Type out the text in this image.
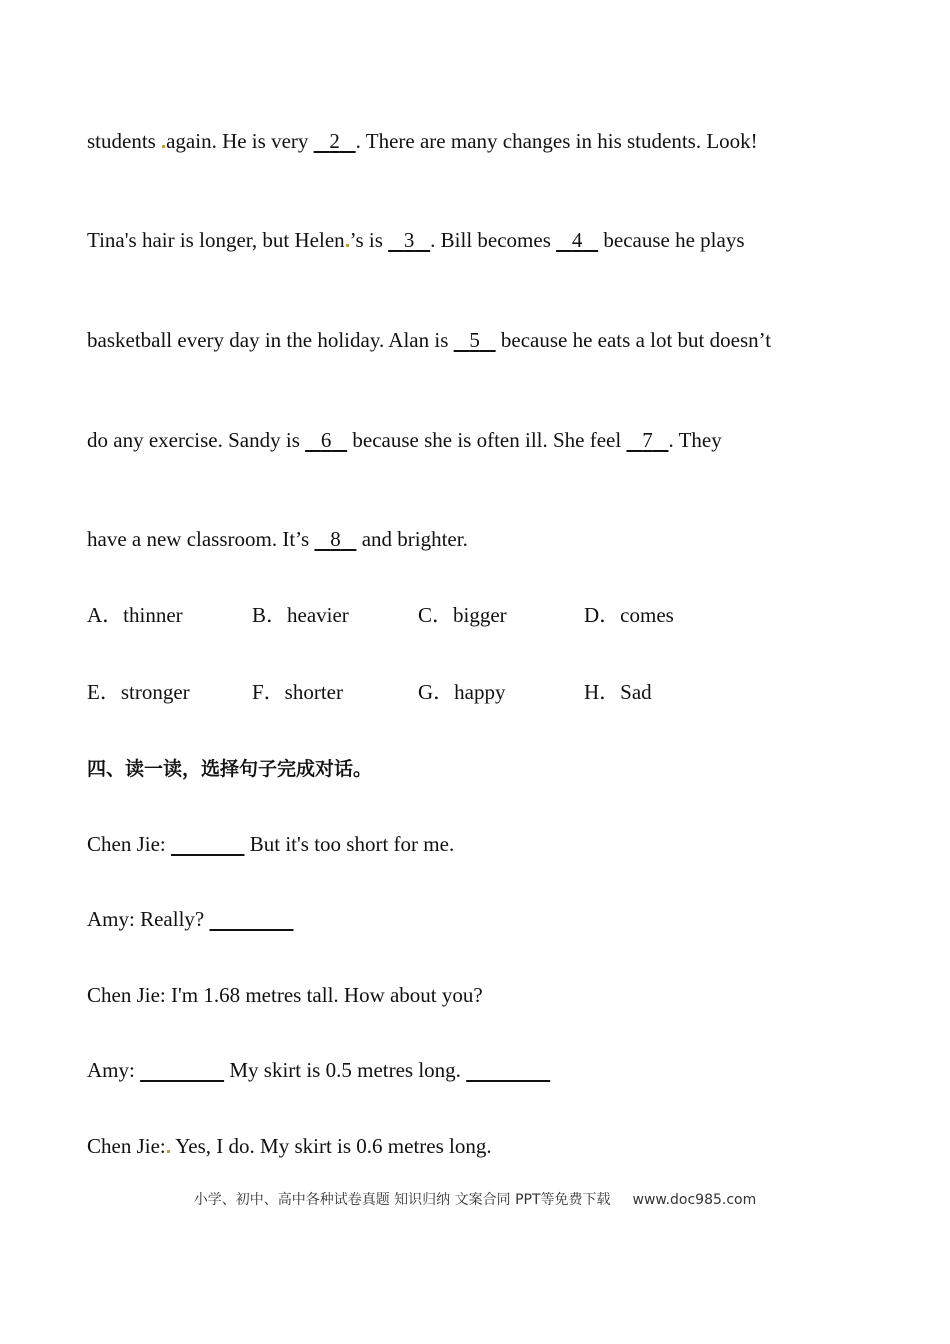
students again. He is very    2 . There are many changes in his students. Look!
Tina's hair is longer, but Helen ’s is    3 . Bill becomes    4    because he plays
basketball every day in the holiday. Alan is    5    because he eats a lot but doesn’t
do any exercise. Sandy is    6    because she is often ill. She feel    7 . They
have a new classroom. It’s    8    and brighter.
A．thinner	B．heavier	C．bigger	D．comes
E．stronger	F．shorter	G．happy	H．Sad
四、读一读，选择句子完成对话。
Chen Jie:	But it's too short for me.
Amy: Really?
Chen Jie: I'm 1.68 metres tall. How about you?
Amy:	My skirt is 0.5 metres long.
Chen Jie: Yes, I do. My skirt is 0.6 metres long.
小学、初中、高中各种试卷真题 知识归纳 文案合同 PPT等免费下载 www.doc985.com
